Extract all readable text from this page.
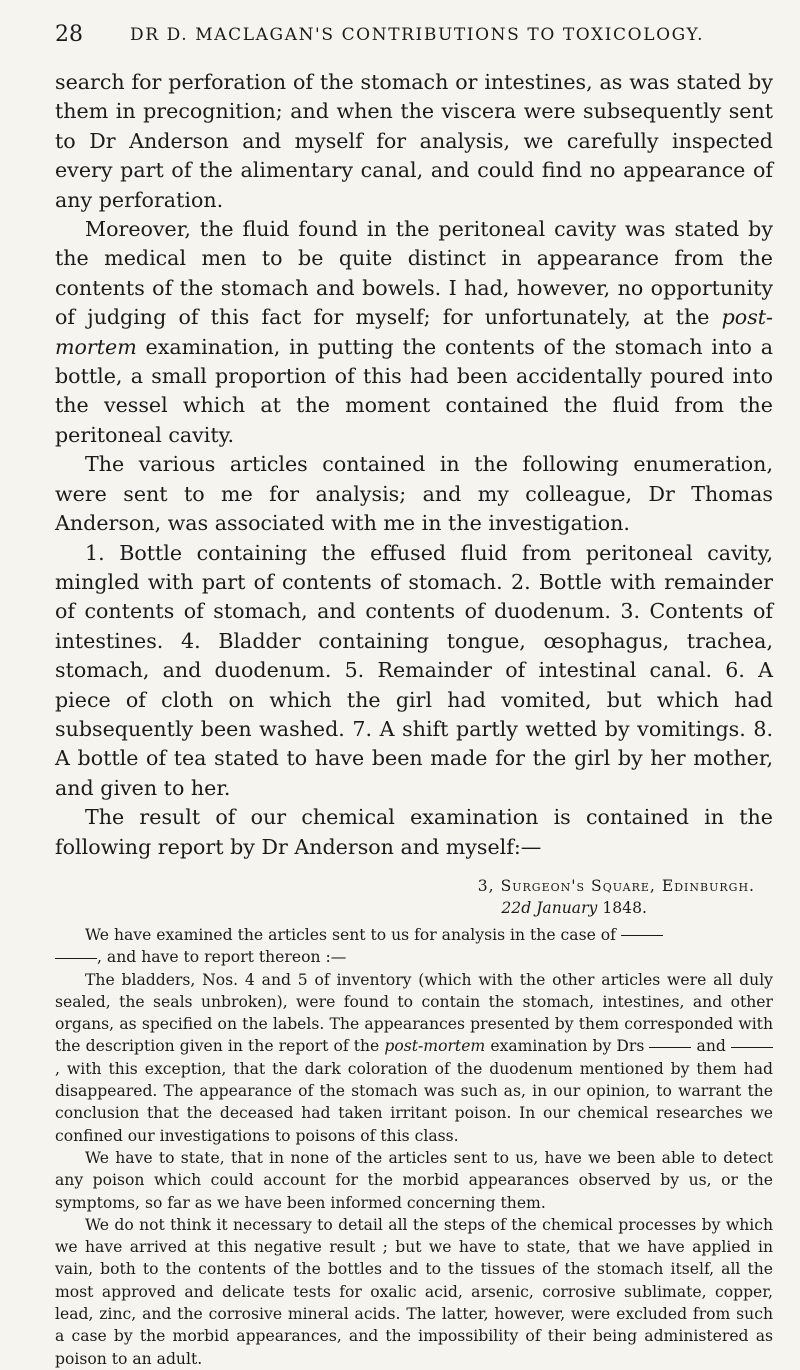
28	DR D. MACLAGAN'S CONTRIBUTIONS TO TOXICOLOGY.

search for perforation of the stomach or intestines, as was stated by them in precognition; and when the viscera were subsequently sent to Dr Anderson and myself for analysis, we carefully inspected every part of the alimentary canal, and could find no appearance of any perforation.

Moreover, the fluid found in the peritoneal cavity was stated by the medical men to be quite distinct in appearance from the contents of the stomach and bowels. I had, however, no opportunity of judging of this fact for myself; for unfortunately, at the post-mortem examination, in putting the contents of the stomach into a bottle, a small proportion of this had been accidentally poured into the vessel which at the moment contained the fluid from the peritoneal cavity.

The various articles contained in the following enumeration, were sent to me for analysis; and my colleague, Dr Thomas Anderson, was associated with me in the investigation.

1. Bottle containing the effused fluid from peritoneal cavity, mingled with part of contents of stomach. 2. Bottle with remainder of contents of stomach, and contents of duodenum. 3. Contents of intestines. 4. Bladder containing tongue, œsophagus, trachea, stomach, and duodenum. 5. Remainder of intestinal canal. 6. A piece of cloth on which the girl had vomited, but which had subsequently been washed. 7. A shift partly wetted by vomitings. 8. A bottle of tea stated to have been made for the girl by her mother, and given to her.

The result of our chemical examination is contained in the following report by Dr Anderson and myself:—

3, Surgeon's Square, Edinburgh.
22d January 1848.

We have examined the articles sent to us for analysis in the case of

, and have to report thereon :—

The bladders, Nos. 4 and 5 of inventory (which with the other articles were all duly sealed, the seals unbroken), were found to contain the stomach, intestines, and other organs, as specified on the labels. The appearances presented by them corresponded with the description given in the report of the post-mortem examination by Drs	and , with this exception, that the dark coloration of the duodenum mentioned by them had disappeared. The appearance of the stomach was such as, in our opinion, to warrant the conclusion that the deceased had taken irritant poison. In our chemical researches we confined our investigations to poisons of this class.

We have to state, that in none of the articles sent to us, have we been able to detect any poison which could account for the morbid appearances observed by us, or the symptoms, so far as we have been informed concerning them.

We do not think it necessary to detail all the steps of the chemical processes by which we have arrived at this negative result ; but we have to state, that we have applied in vain, both to the contents of the bottles and to the tissues of the stomach itself, all the most approved and delicate tests for oxalic acid, arsenic, corrosive sublimate, copper, lead, zinc, and the corrosive mineral acids. The latter, however, were excluded from such a case by the morbid appearances, and the impossibility of their being administered as poison to an adult.
